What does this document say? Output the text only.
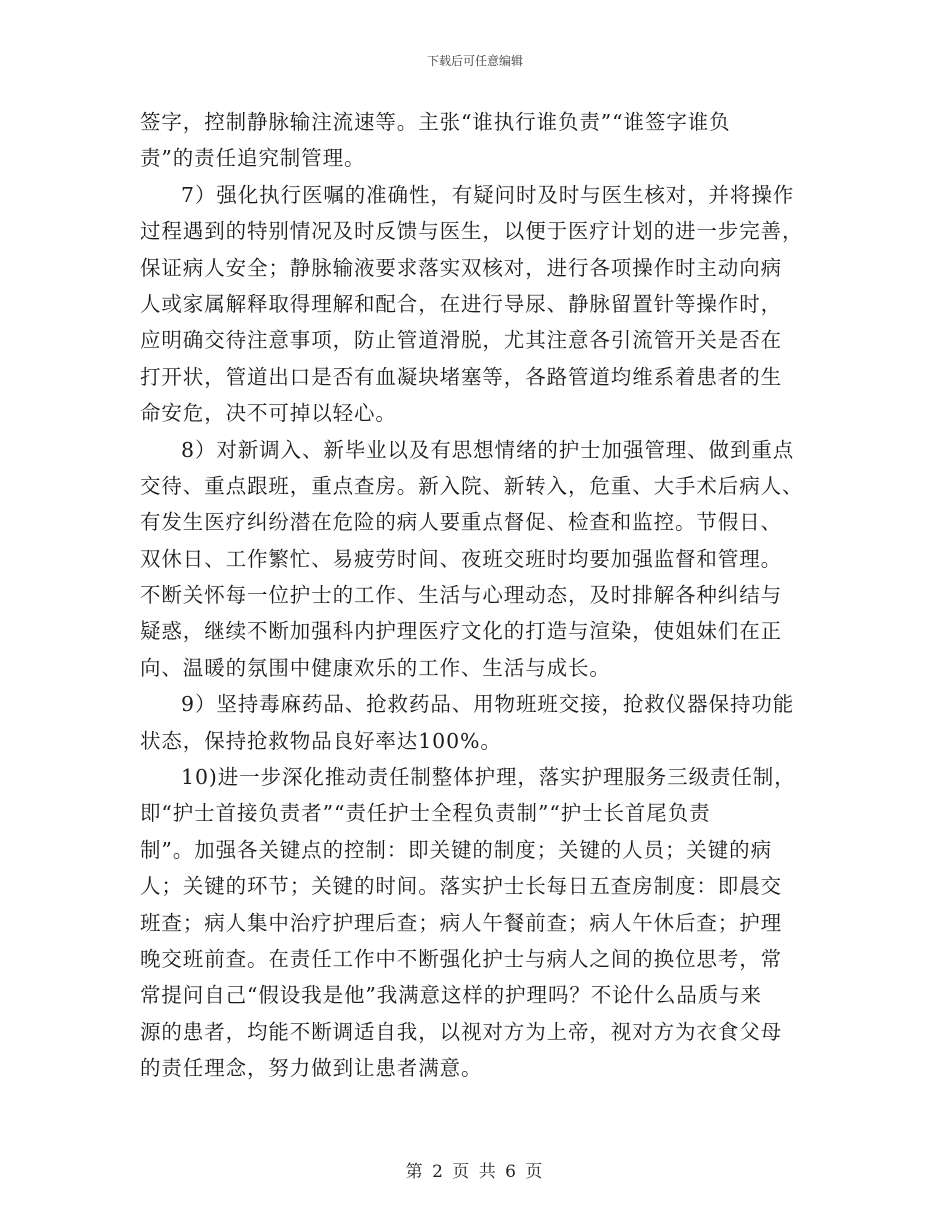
下载后可任意编辑
签字，控制静脉输注流速等。主张“谁执行谁负责”“谁签字谁负
责”的责任追究制管理。
7）强化执行医嘱的准确性，有疑问时及时与医生核对，并将操作
过程遇到的特别情况及时反馈与医生，以便于医疗计划的进一步完善，
保证病人安全；静脉输液要求落实双核对，进行各项操作时主动向病
人或家属解释取得理解和配合，在进行导尿、静脉留置针等操作时，
应明确交待注意事项，防止管道滑脱，尤其注意各引流管开关是否在
打开状，管道出口是否有血凝块堵塞等，各路管道均维系着患者的生
命安危，决不可掉以轻心。
8）对新调入、新毕业以及有思想情绪的护士加强管理、做到重点
交待、重点跟班，重点查房。新入院、新转入，危重、大手术后病人、
有发生医疗纠纷潜在危险的病人要重点督促、检查和监控。节假日、
双休日、工作繁忙、易疲劳时间、夜班交班时均要加强监督和管理。
不断关怀每一位护士的工作、生活与心理动态，及时排解各种纠结与
疑惑，继续不断加强科内护理医疗文化的打造与渲染，使姐妹们在正
向、温暖的氛围中健康欢乐的工作、生活与成长。
9）坚持毒麻药品、抢救药品、用物班班交接，抢救仪器保持功能
状态，保持抢救物品良好率达100%。
10)进一步深化推动责任制整体护理，落实护理服务三级责任制，
即“护士首接负责者”“责任护士全程负责制”“护士长首尾负责
制”。加强各关键点的控制：即关键的制度；关键的人员；关键的病
人；关键的环节；关键的时间。落实护士长每日五查房制度：即晨交
班查；病人集中治疗护理后查；病人午餐前查；病人午休后查；护理
晚交班前查。在责任工作中不断强化护士与病人之间的换位思考，常
常提问自己“假设我是他”我满意这样的护理吗？不论什么品质与来
源的患者，均能不断调适自我，以视对方为上帝，视对方为衣食父母
的责任理念，努力做到让患者满意。
第 2 页 共 6 页
